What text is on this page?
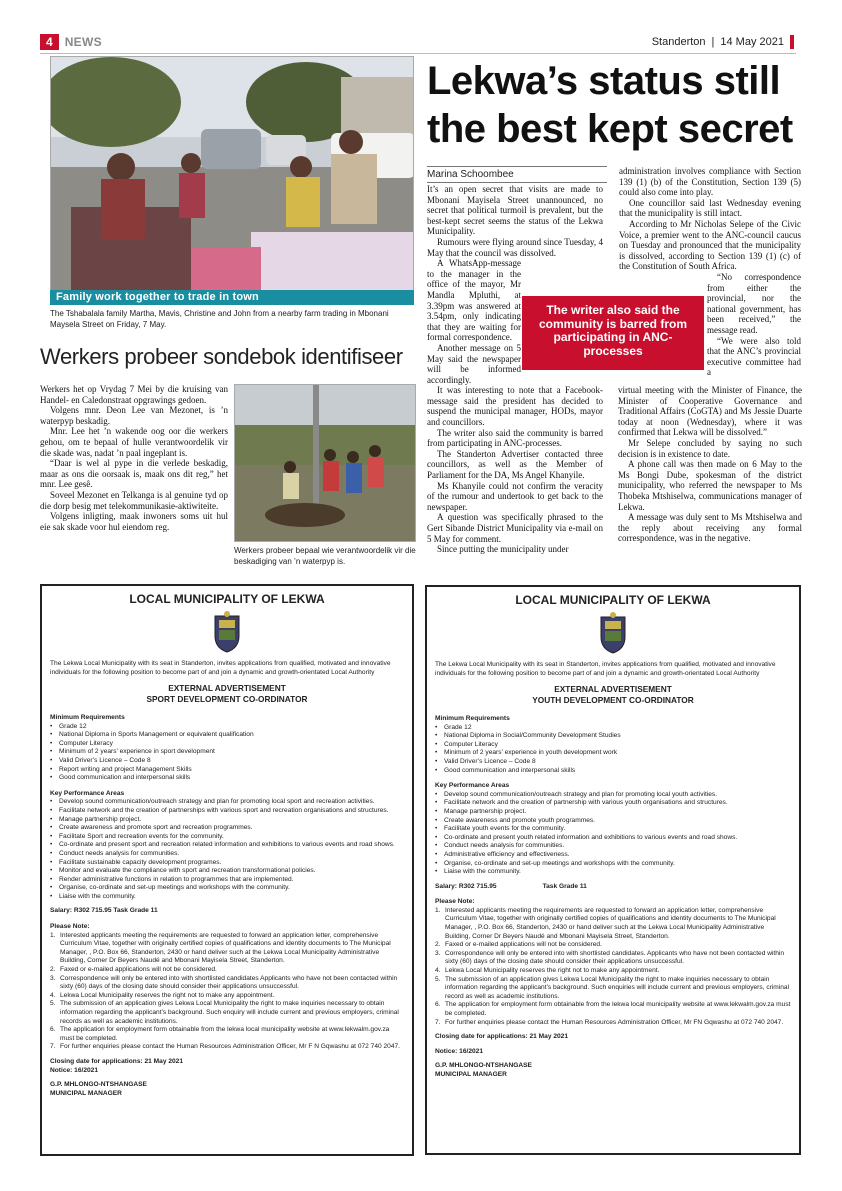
4	NEWS	Standerton | 14 May 2021
Family work together to trade in town
The Tshabalala family Martha, Mavis, Christine and John from a nearby farm trading in Mbonani Maysela Street on Friday, 7 May.
Lekwa’s status still the best kept secret
Marina Schoombee

It’s an open secret that visits are made to Mbonani Mayisela Street unannounced, no secret that political turmoil is prevalent, but the best-kept secret seems the status of the Lekwa Municipality.

Rumours were flying around since Tuesday, 4 May that the council was dissolved.

A WhatsApp-message to the manager in the office of the mayor, Mr Mandla Mpluthi, at 3.39pm was answered at 3.54pm, only indicating that they are waiting for formal correspondence.

Another message on 5 May said the newspaper will be informed accordingly.

It was interesting to note that a Facebook-message said the president has decided to suspend the municipal manager, HODs, mayor and councillors.

The writer also said the community is barred from participating in ANC-processes.

The Standerton Advertiser contacted three councillors, as well as the Member of Parliament for the DA, Ms Angel Khanyile.

Ms Khanyile could not confirm the veracity of the rumour and undertook to get back to the newspaper.

A question was specifically phrased to the Gert Sibande District Municipality via e-mail on 5 May for comment.

Since putting the municipality under

administration involves compliance with Section 139 (1) (b) of the Constitution, Section 139 (5) could also come into play.

One councillor said last Wednesday evening that the municipality is still intact.

According to Mr Nicholas Selepe of the Civic Voice, a premier went to the ANC-council caucus on Tuesday and pronounced that the municipality is dissolved, according to Section 139 (1) (c) of the Constitution of South Africa.

“No correspondence from either the provincial, nor the national government, has been received,” the message read.

“We were also told that the ANC’s provincial executive committee had a

virtual meeting with the Minister of Finance, the Minister of Cooperative Governance and Traditional Affairs (CoGTA) and Ms Jessie Duarte today at noon (Wednesday), where it was confirmed that Lekwa will be dissolved.”

Mr Selepe concluded by saying no such decision is in existence to date.

A phone call was then made on 6 May to the Ms Bongi Dube, spokesman of the district municipality, who referred the newspaper to Ms Thobeka Mtshiselwa, communications manager of Lekwa.

A message was duly sent to Ms Mtshiselwa and the reply about receiving any formal correspondence, was in the negative.

The writer also said the community is barred from participating in ANC-processes
Werkers probeer sondebok identifiseer

Werkers het op Vrydag 7 Mei by die kruising van Handel- en Caledonstraat opgrawings gedoen.

Volgens mnr. Deon Lee van Mezonet, is ’n waterpyp beskadig.

Mnr. Lee het ’n wakende oog oor die werkers gehou, om te bepaal of hulle verantwoordelik vir die skade was, nadat ’n paal ingeplant is.

“Daar is wel al pype in die verlede beskadig, maar as ons die oorsaak is, maak ons dit reg,” het mnr. Lee gesê.

Soveel Mezonet en Telkanga is al genuine tyd op die dorp besig met telekommunikasie-aktiwiteite.

Volgens inligting, maak inwoners soms uit hul eie sak skade voor hul eiendom reg.

Werkers probeer bepaal wie verantwoordelik vir die beskadiging van ’n waterpyp is.
LOCAL MUNICIPALITY OF LEKWA

The Lekwa Local Municipality with its seat in Standerton, invites applications from qualified, motivated and innovative individuals for the following position to become part of and join a dynamic and growth-orientated Local Authority

EXTERNAL ADVERTISEMENT

SPORT DEVELOPMENT CO-ORDINATOR

Minimum Requirements

• Grade 12
• National Diploma in Sports Management or equivalent qualification
• Computer Literacy
• Minimum of 2 years’ experience in sport development
• Valid Driver’s Licence – Code 8
• Report writing and project Management Skills
• Good communication and interpersonal skills

Key Performance Areas

• Develop sound communication/outreach strategy and plan for promoting local sport and recreation activities.
• Facilitate network and the creation of partnerships with various sport and recreation organisations and structures.
• Manage partnership project.
• Create awareness and promote sport and recreation programmes.
• Facilitate Sport and recreation events for the community.
• Co-ordinate and present sport and recreation related information and exhibitions to various events and road shows.
• Conduct needs analysis for communities.
• Facilitate sustainable capacity development programes.
• Monitor and evaluate the compliance with sport and recreation transformational policies.
• Render administrative functions in relation to programmes that are implemented.
• Organise, co-ordinate and set-up meetings and workshops with the community.
• Liaise with the community.

Salary: R302 715.95 Task Grade 11

Please Note:

1. Interested applicants meeting the requirements are requested to forward an application letter, comprehensive Curriculum Vitae, together with originally certified copies of qualifications and identity documents to The Municipal Manager, , P.O. Box 66, Standerton, 2430 or hand deliver such at the Lekwa Local Municipality Administrative Building, Corner Dr Beyers Naudé and Mbonani Mayisela Street, Standerton.
2. Faxed or e-mailed applications will not be considered.
3. Correspondence will only be entered into with shortlisted candidates Applicants who have not been contacted within sixty (60) days of the closing date should consider their applications unsuccessful.
4. Lekwa Local Municipality reserves the right not to make any appointment.
5. The submission of an application gives Lekwa Local Municipality the right to make inquiries necessary to obtain information regarding the applicant’s background. Such enquiry will include current and previous employers, criminal records as well as academic institutions.
6. The application for employment form obtainable from the lekwa local municipality website at www.lekwalm.gov.za must be completed.
7. For further enquiries please contact the Human Resources Administration Officer, Mr F N Gqwashu at 072 740 2047.

Closing date for applications: 21 May 2021

Notice: 16/2021

G.P. MHLONGO-NTSHANGASE

MUNICIPAL MANAGER

LOCAL MUNICIPALITY OF LEKWA

The Lekwa Local Municipality with its seat in Standerton, invites applications from qualified, motivated and innovative individuals for the following position to become part of and join a dynamic and growth-orientated Local Authority

EXTERNAL ADVERTISEMENT

YOUTH DEVELOPMENT CO-ORDINATOR

Minimum Requirements

• Grade 12
• National Diploma in Social/Community Development Studies
• Computer Literacy
• Minimum of 2 years’ experience in youth development work
• Valid Driver’s Licence – Code 8
• Good communication and interpersonal skills

Key Performance Areas

• Develop sound communication/outreach strategy and plan for promoting local youth activities.
• Facilitate network and the creation of partnership with various youth organisations and structures.
• Manage partnership project.
• Create awareness and promote youth programmes.
• Facilitate youth events for the community.
• Co-ordinate and present youth related information and exhibitions to various events and road shows.
• Conduct needs analysis for communities.
• Administrative efficiency and effectiveness.
• Organise, co-ordinate and set-up meetings and workshops with the community.
• Liaise with the community.

Salary: R302 715.95	Task Grade 11

Please Note:

1. Interested applicants meeting the requirements are requested to forward an application letter, comprehensive Curriculum Vitae, together with originally certified copies of qualifications and identity documents to The Municipal Manager, , P.O. Box 66, Standerton, 2430 or hand deliver such at the Lekwa Local Municipality Administrative Building, Corner Dr Beyers Naudé and Mbonani Mayisela Street, Standerton.
2. Faxed or e-mailed applications will not be considered.
3. Correspondence will only be entered into with shortlisted candidates. Applicants who have not been contacted within sixty (60) days of the closing date should consider their applications unsuccessful.
4. Lekwa Local Municipality reserves the right not to make any appointment.
5. The submission of an application gives Lekwa Local Municipality the right to make inquiries necessary to obtain information regarding the applicant’s background. Such enquiries will include current and previous employers, criminal record as well as academic institutions.
6. The application for employment form obtainable from the lekwa local municipality website at www.lekwalm.gov.za must be completed.
7. For further enquiries please contact the Human Resources Administration Officer, Mr FN Gqwashu at 072 740 2047.

Closing date for applications: 21 May 2021

Notice: 16/2021

G.P. MHLONGO-NTSHANGASE

MUNICIPAL MANAGER
